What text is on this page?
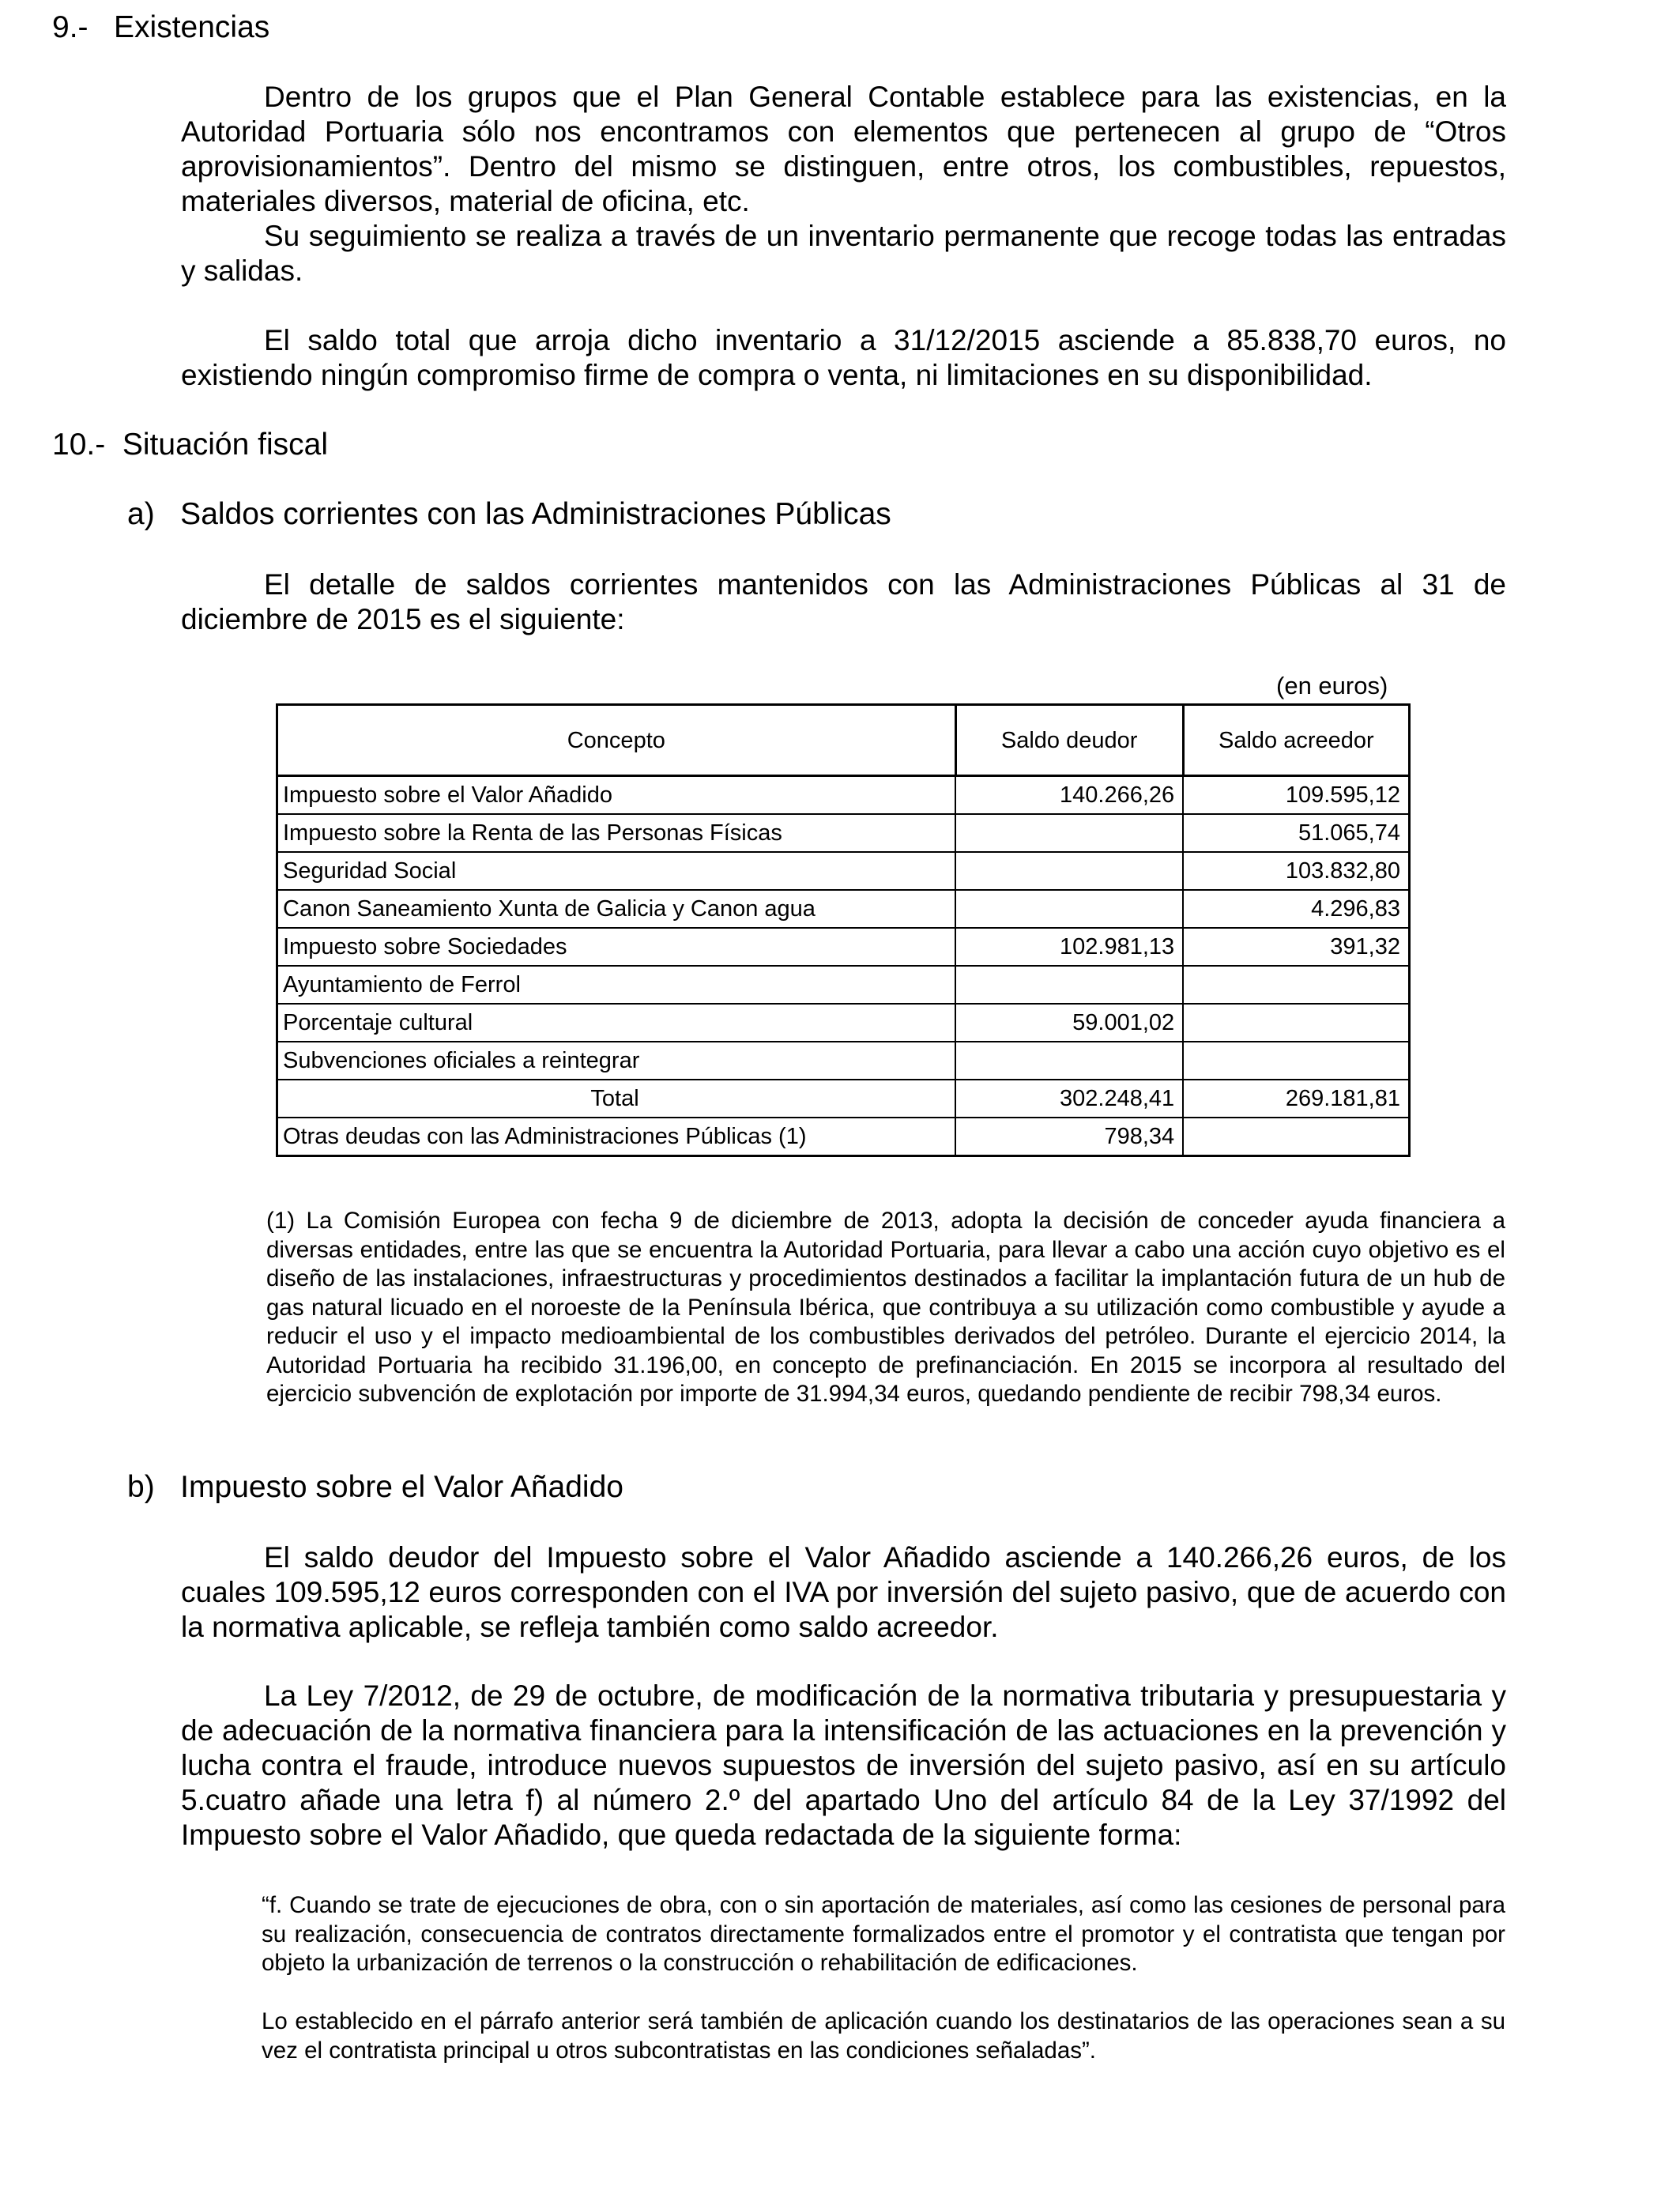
9.-   Existencias

Dentro de los grupos que el Plan General Contable establece para las existencias, en la Autoridad Portuaria sólo nos encontramos con elementos que pertenecen al grupo de “Otros aprovisionamientos”. Dentro del mismo se distinguen, entre otros, los combustibles, repuestos, materiales diversos, material de oficina, etc.

Su seguimiento se realiza a través de un inventario permanente que recoge todas las entradas y salidas.

El saldo total que arroja dicho inventario a 31/12/2015 asciende a 85.838,70 euros, no existiendo ningún compromiso firme de compra o venta, ni limitaciones en su disponibilidad.

10.-  Situación fiscal
a)   Saldos corrientes con las Administraciones Públicas

El detalle de saldos corrientes mantenidos con las Administraciones Públicas al 31 de diciembre de 2015 es el siguiente:

(en euros)
Concepto	Saldo deudor	Saldo acreedor
Impuesto sobre el Valor Añadido	140.266,26	109.595,12
Impuesto sobre la Renta de las Personas Físicas		51.065,74
Seguridad Social		103.832,80
Canon Saneamiento Xunta de Galicia y Canon agua		4.296,83
Impuesto sobre Sociedades	102.981,13	391,32
Ayuntamiento de Ferrol		
Porcentaje cultural	59.001,02	
Subvenciones oficiales a reintegrar		
Total	302.248,41	269.181,81
Otras deudas con las Administraciones Públicas (1)	798,34	

(1) La Comisión Europea con fecha 9 de diciembre de 2013, adopta la decisión de conceder ayuda financiera a diversas entidades, entre las que se encuentra la Autoridad Portuaria, para llevar a cabo una acción cuyo objetivo es el diseño de las instalaciones, infraestructuras y procedimientos destinados a facilitar la implantación futura de un hub de gas natural licuado en el noroeste de la Península Ibérica, que contribuya a su utilización como combustible y ayude a reducir el uso y el impacto medioambiental de los combustibles derivados del petróleo. Durante el ejercicio 2014, la Autoridad Portuaria ha recibido 31.196,00, en concepto de prefinanciación. En 2015 se incorpora al resultado del ejercicio subvención de explotación por importe de 31.994,34 euros, quedando pendiente de recibir 798,34 euros.

b)   Impuesto sobre el Valor Añadido

El saldo deudor del Impuesto sobre el Valor Añadido asciende a 140.266,26 euros, de los cuales 109.595,12 euros corresponden con el IVA por inversión del sujeto pasivo, que de acuerdo con la normativa aplicable, se refleja también como saldo acreedor.

La Ley 7/2012, de 29 de octubre, de modificación de la normativa tributaria y presupuestaria y de adecuación de la normativa financiera para la intensificación de las actuaciones en la prevención y lucha contra el fraude, introduce nuevos supuestos de inversión del sujeto pasivo, así en su artículo 5.cuatro añade una letra f) al número 2.º del apartado Uno del artículo 84 de la Ley 37/1992 del Impuesto sobre el Valor Añadido, que queda redactada de la siguiente forma:

“f. Cuando se trate de ejecuciones de obra, con o sin aportación de materiales, así como las cesiones de personal para su realización, consecuencia de contratos directamente formalizados entre el promotor y el contratista que tengan por objeto la urbanización de terrenos o la construcción o rehabilitación de edificaciones.

Lo establecido en el párrafo anterior será también de aplicación cuando los destinatarios de las operaciones sean a su vez el contratista principal u otros subcontratistas en las condiciones señaladas”.
